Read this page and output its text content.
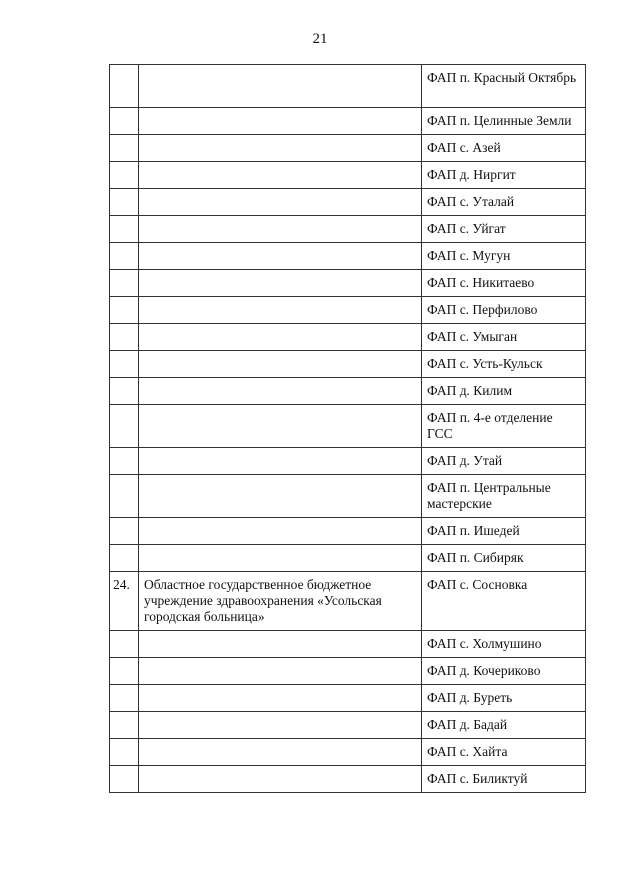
21
		ФАП п. Красный Октябрь
		ФАП п. Целинные Земли
		ФАП с. Азей
		ФАП д. Ниргит
		ФАП с. Уталай
		ФАП с. Уйгат
		ФАП с. Мугун
		ФАП с. Никитаево
		ФАП с. Перфилово
		ФАП с. Умыган
		ФАП с. Усть-Кульск
		ФАП д. Килим
		ФАП п. 4-е отделение ГСС
		ФАП д. Утай
		ФАП п. Центральные мастерские
		ФАП п. Ишедей
		ФАП п. Сибиряк
24.	Областное государственное бюджетное учреждение здравоохранения «Усольская городская больница»	ФАП с. Сосновка
		ФАП с. Холмушино
		ФАП д. Кочериково
		ФАП д. Буреть
		ФАП д. Бадай
		ФАП с. Хайта
		ФАП с. Биликтуй
